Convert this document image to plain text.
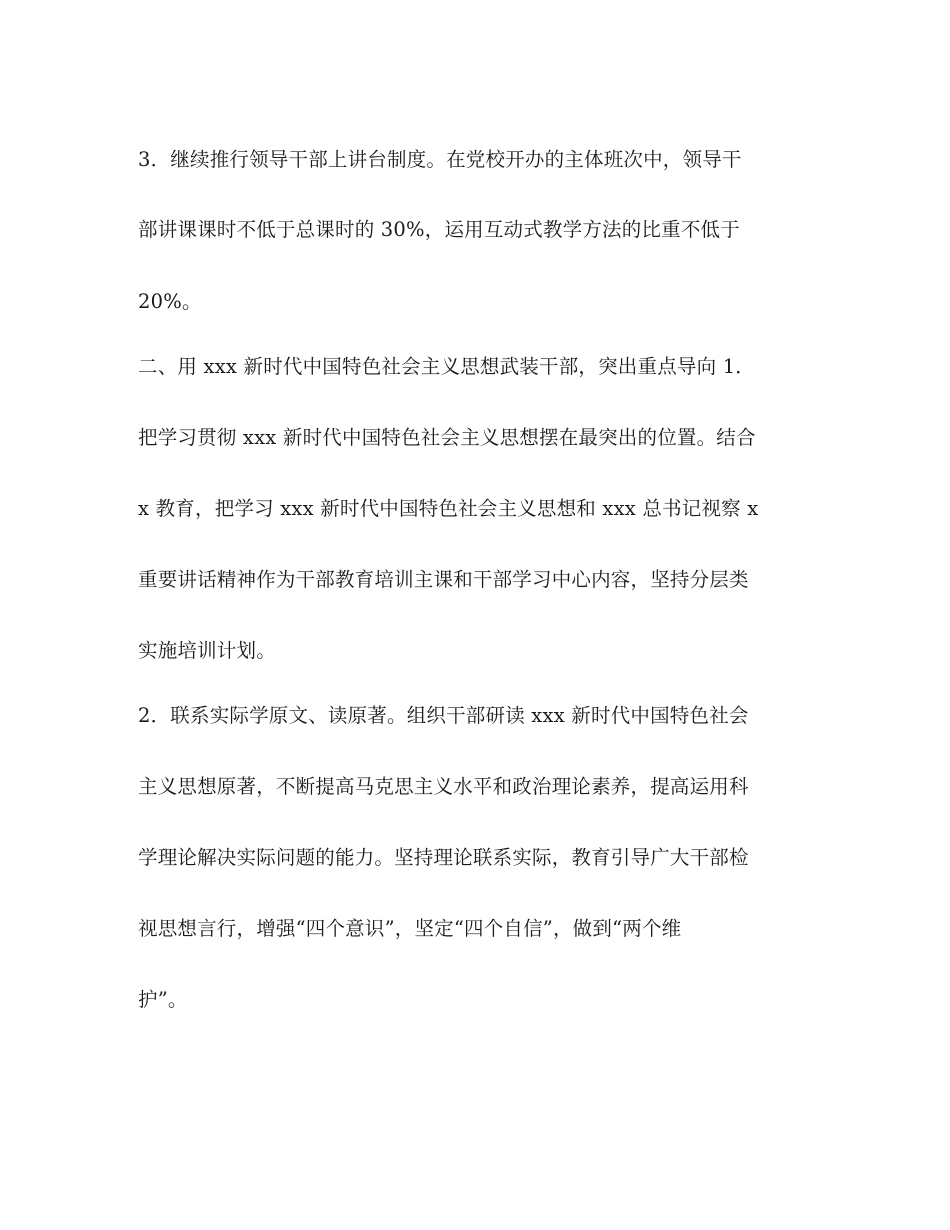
3．继续推行领导干部上讲台制度。在党校开办的主体班次中，领导干
部讲课课时不低于总课时的 30%，运用互动式教学方法的比重不低于
20%。
二、用 xxx 新时代中国特色社会主义思想武装干部，突出重点导向 1．
把学习贯彻 xxx 新时代中国特色社会主义思想摆在最突出的位置。结合
x 教育，把学习 xxx 新时代中国特色社会主义思想和 xxx 总书记视察 x
重要讲话精神作为干部教育培训主课和干部学习中心内容，坚持分层类
实施培训计划。
2．联系实际学原文、读原著。组织干部研读 xxx 新时代中国特色社会
主义思想原著，不断提高马克思主义水平和政治理论素养，提高运用科
学理论解决实际问题的能力。坚持理论联系实际，教育引导广大干部检
视思想言行，增强“四个意识”，坚定“四个自信”，做到“两个维
护”。
